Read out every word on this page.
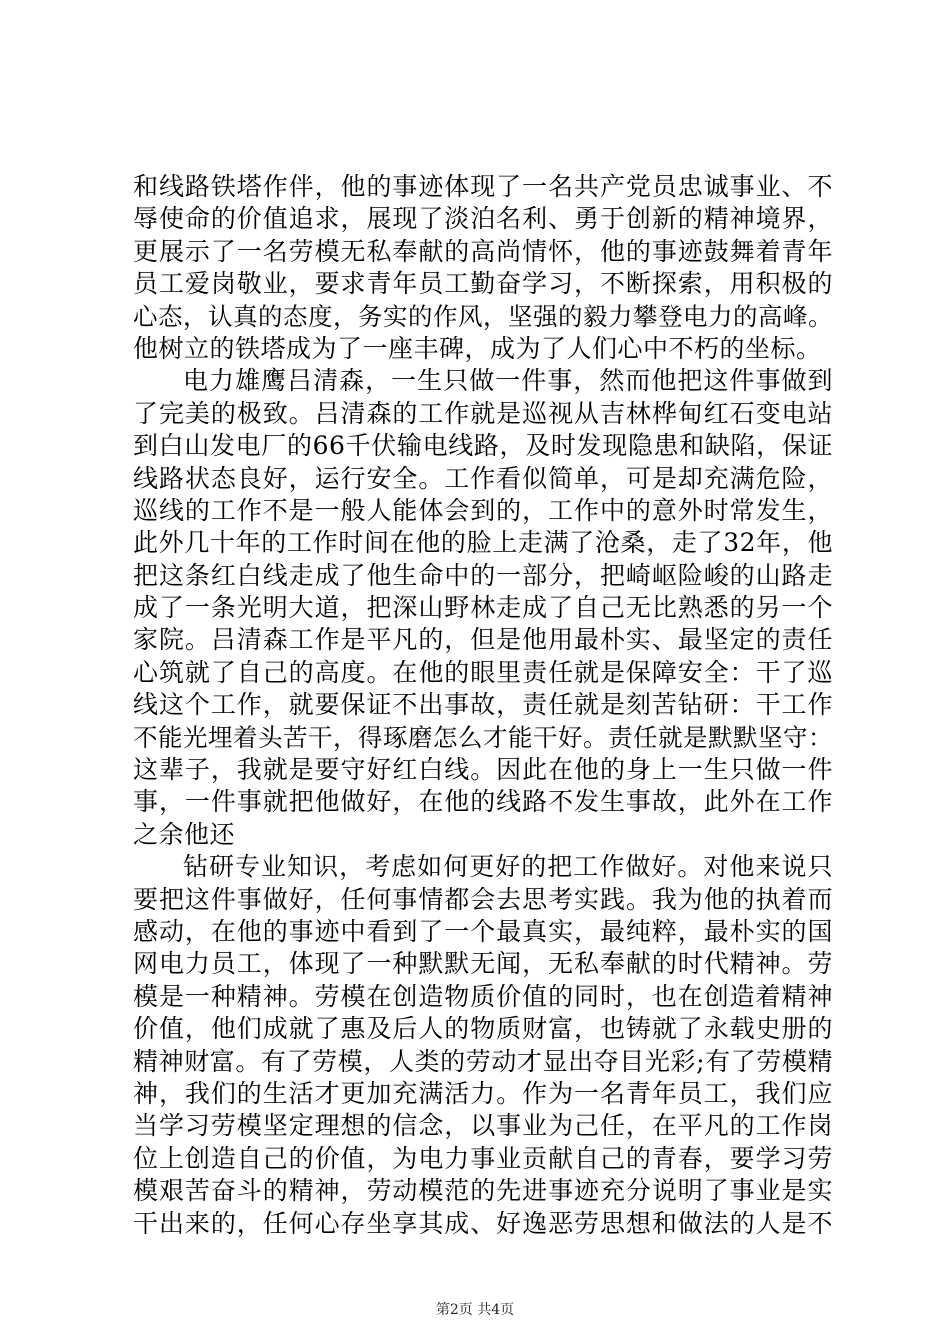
和线路铁塔作伴，他的事迹体现了一名共产党员忠诚事业、不
辱使命的价值追求，展现了淡泊名利、勇于创新的精神境界，
更展示了一名劳模无私奉献的高尚情怀，他的事迹鼓舞着青年
员工爱岗敬业，要求青年员工勤奋学习，不断探索，用积极的
心态，认真的态度，务实的作风，坚强的毅力攀登电力的高峰。
他树立的铁塔成为了一座丰碑，成为了人们心中不朽的坐标。
电力雄鹰吕清森，一生只做一件事，然而他把这件事做到
了完美的极致。吕清森的工作就是巡视从吉林桦甸红石变电站
到白山发电厂的66千伏输电线路，及时发现隐患和缺陷，保证
线路状态良好，运行安全。工作看似简单，可是却充满危险，
巡线的工作不是一般人能体会到的，工作中的意外时常发生，
此外几十年的工作时间在他的脸上走满了沧桑，走了32年，他
把这条红白线走成了他生命中的一部分，把崎岖险峻的山路走
成了一条光明大道，把深山野林走成了自己无比熟悉的另一个
家院。吕清森工作是平凡的，但是他用最朴实、最坚定的责任
心筑就了自己的高度。在他的眼里责任就是保障安全：干了巡
线这个工作，就要保证不出事故，责任就是刻苦钻研：干工作
不能光埋着头苦干，得琢磨怎么才能干好。责任就是默默坚守：
这辈子，我就是要守好红白线。因此在他的身上一生只做一件
事，一件事就把他做好，在他的线路不发生事故，此外在工作
之余他还
钻研专业知识，考虑如何更好的把工作做好。对他来说只
要把这件事做好，任何事情都会去思考实践。我为他的执着而
感动，在他的事迹中看到了一个最真实，最纯粹，最朴实的国
网电力员工，体现了一种默默无闻，无私奉献的时代精神。劳
模是一种精神。劳模在创造物质价值的同时，也在创造着精神
价值，他们成就了惠及后人的物质财富，也铸就了永载史册的
精神财富。有了劳模，人类的劳动才显出夺目光彩;有了劳模精
神，我们的生活才更加充满活力。作为一名青年员工，我们应
当学习劳模坚定理想的信念，以事业为己任，在平凡的工作岗
位上创造自己的价值，为电力事业贡献自己的青春，要学习劳
模艰苦奋斗的精神，劳动模范的先进事迹充分说明了事业是实
干出来的，任何心存坐享其成、好逸恶劳思想和做法的人是不
第2页 共4页
